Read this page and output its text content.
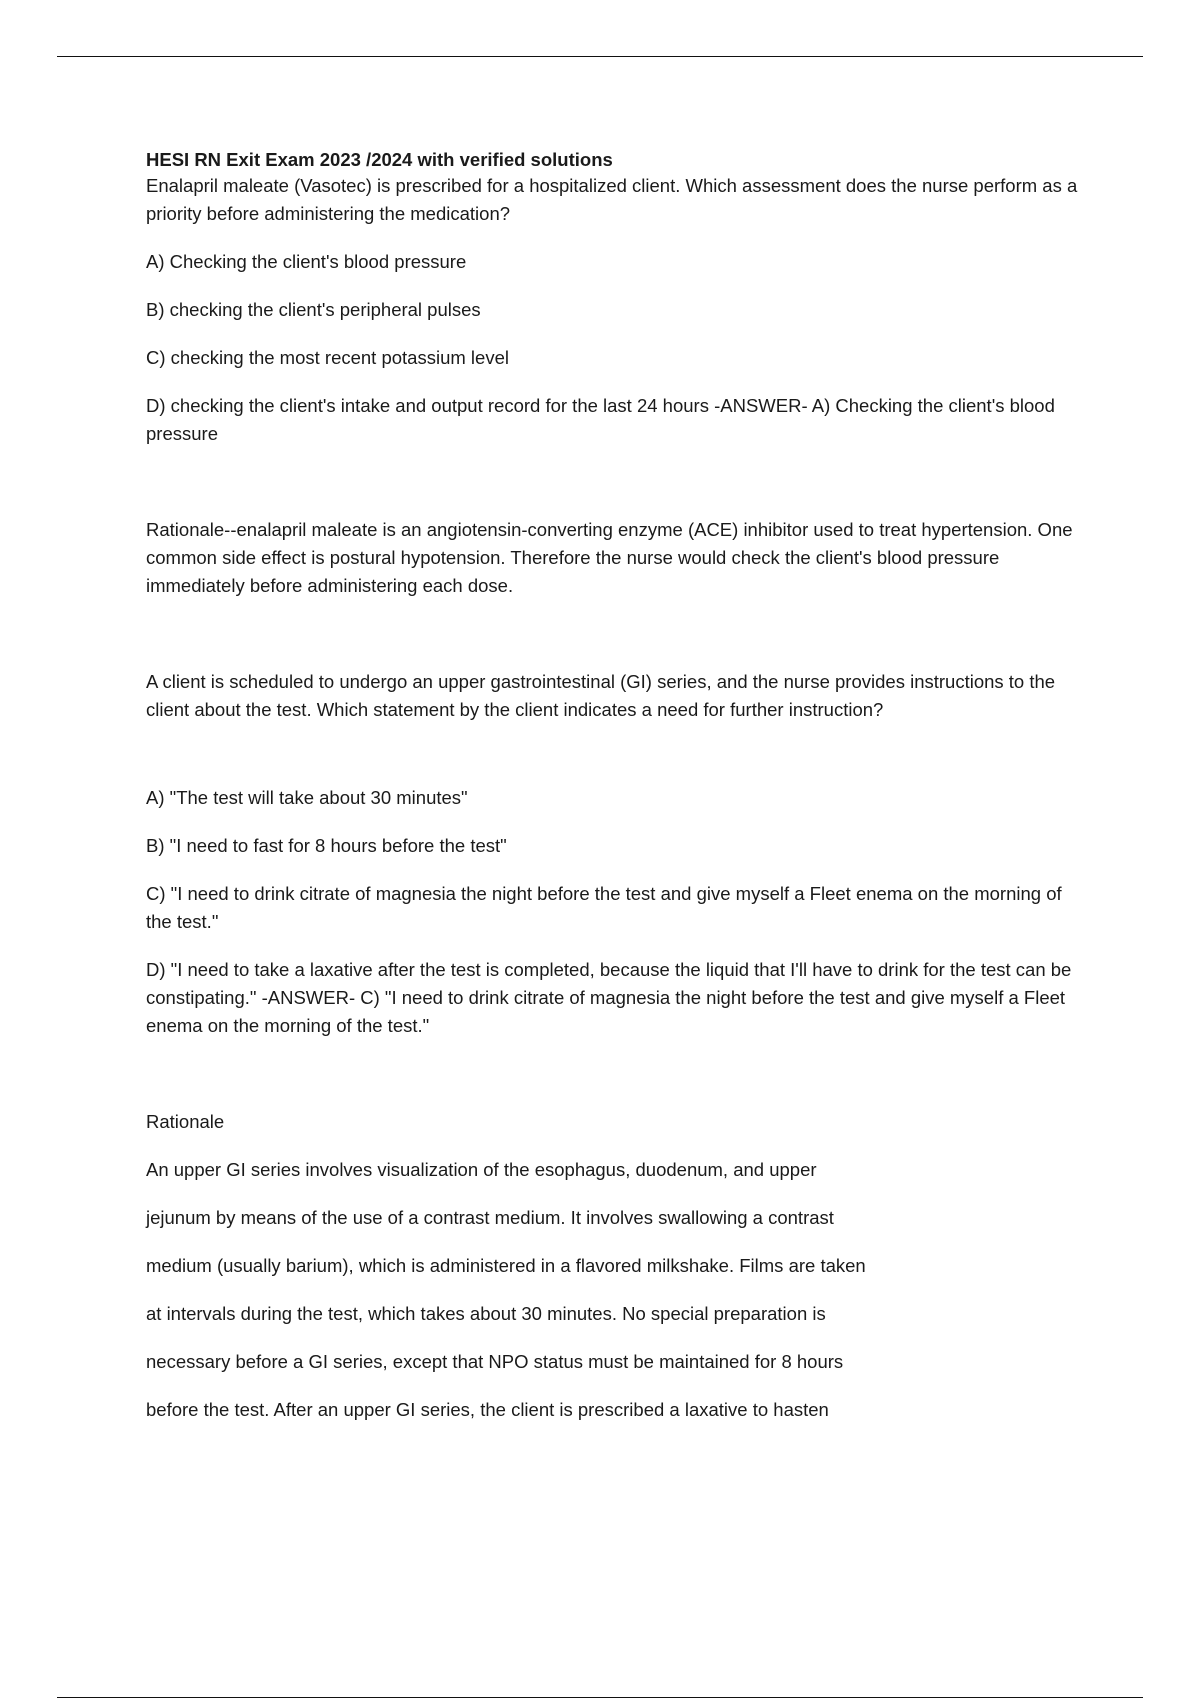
HESI RN Exit Exam 2023 /2024 with verified solutions

Enalapril maleate (Vasotec) is prescribed for a hospitalized client. Which assessment does the nurse perform as a priority before administering the medication?

A) Checking the client's blood pressure

B) checking the client's peripheral pulses

C) checking the most recent potassium level

D) checking the client's intake and output record for the last 24 hours -ANSWER- A) Checking the client's blood pressure

Rationale--enalapril maleate is an angiotensin-converting enzyme (ACE) inhibitor used to treat hypertension. One common side effect is postural hypotension. Therefore the nurse would check the client's blood pressure immediately before administering each dose.

A client is scheduled to undergo an upper gastrointestinal (GI) series, and the nurse provides instructions to the client about the test. Which statement by the client indicates a need for further instruction?

A) "The test will take about 30 minutes"

B) "I need to fast for 8 hours before the test"

C) "I need to drink citrate of magnesia the night before the test and give myself a Fleet enema on the morning of the test."

D) "I need to take a laxative after the test is completed, because the liquid that I'll have to drink for the test can be constipating." -ANSWER- C) "I need to drink citrate of magnesia the night before the test and give myself a Fleet enema on the morning of the test."

Rationale

An upper GI series involves visualization of the esophagus, duodenum, and upper

jejunum by means of the use of a contrast medium. It involves swallowing a contrast

medium (usually barium), which is administered in a flavored milkshake. Films are taken

at intervals during the test, which takes about 30 minutes. No special preparation is

necessary before a GI series, except that NPO status must be maintained for 8 hours

before the test. After an upper GI series, the client is prescribed a laxative to hasten
